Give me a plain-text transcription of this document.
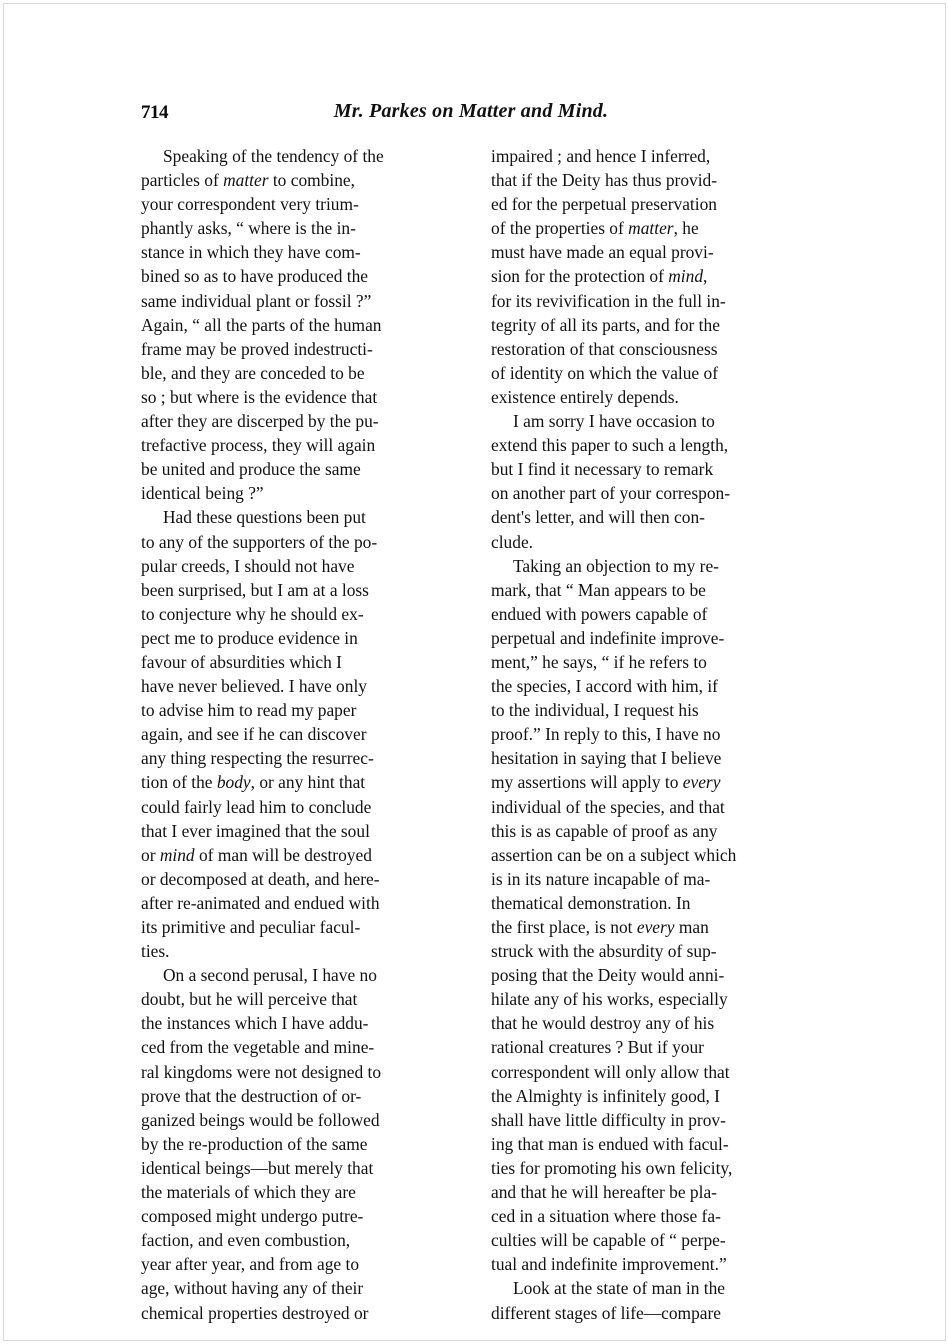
714	Mr. Parkes on Matter and Mind.

Speaking of the tendency of the
particles of matter to combine,
your correspondent very trium-
phantly asks, “ where is the in-
stance in which they have com-
bined so as to have produced the
same individual plant or fossil ?”
Again, “ all the parts of the human
frame may be proved indestructi-
ble, and they are conceded to be
so ; but where is the evidence that
after they are discerped by the pu-
trefactive process, they will again
be united and produce the same
identical being ?”

Had these questions been put
to any of the supporters of the po-
pular creeds, I should not have
been surprised, but I am at a loss
to conjecture why he should ex-
pect me to produce evidence in
favour of absurdities which I
have never believed. I have only
to advise him to read my paper
again, and see if he can discover
any thing respecting the resurrec-
tion of the body, or any hint that
could fairly lead him to conclude
that I ever imagined that the soul
or mind of man will be destroyed
or decomposed at death, and here-
after re-animated and endued with
its primitive and peculiar facul-
ties.

On a second perusal, I have no
doubt, but he will perceive that
the instances which I have addu-
ced from the vegetable and mine-
ral kingdoms were not designed to
prove that the destruction of or-
ganized beings would be followed
by the re-production of the same
identical beings—but merely that
the materials of which they are
composed might undergo putre-
faction, and even combustion,
year after year, and from age to
age, without having any of their
chemical properties destroyed or

impaired ; and hence I inferred,
that if the Deity has thus provid-
ed for the perpetual preservation
of the properties of matter, he
must have made an equal provi-
sion for the protection of mind,
for its revivification in the full in-
tegrity of all its parts, and for the
restoration of that consciousness
of identity on which the value of
existence entirely depends.

I am sorry I have occasion to
extend this paper to such a length,
but I find it necessary to remark
on another part of your correspon-
dent's letter, and will then con-
clude.

Taking an objection to my re-
mark, that “ Man appears to be
endued with powers capable of
perpetual and indefinite improve-
ment,” he says, “ if he refers to
the species, I accord with him, if
to the individual, I request his
proof.” In reply to this, I have no
hesitation in saying that I believe
my assertions will apply to every
individual of the species, and that
this is as capable of proof as any
assertion can be on a subject which
is in its nature incapable of ma-
thematical demonstration. In
the first place, is not every man
struck with the absurdity of sup-
posing that the Deity would anni-
hilate any of his works, especially
that he would destroy any of his
rational creatures ? But if your
correspondent will only allow that
the Almighty is infinitely good, I
shall have little difficulty in prov-
ing that man is endued with facul-
ties for promoting his own felicity,
and that he will hereafter be pla-
ced in a situation where those fa-
culties will be capable of “ perpe-
tual and indefinite improvement.”

Look at the state of man in the
different stages of life—compare
